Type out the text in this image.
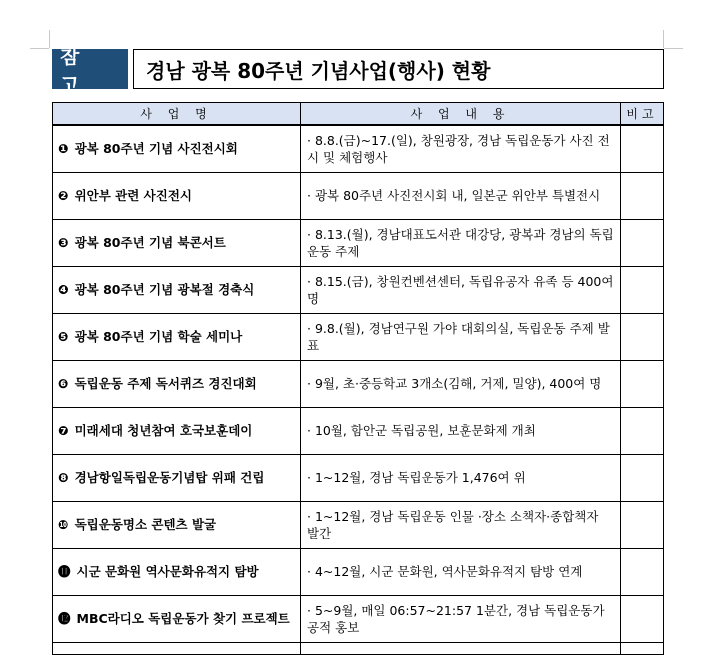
참 고
경남 광복 80주년 기념사업(행사) 현황
사 업 명	사 업 내 용	비고
❶ 광복 80주년 기념 사진전시회	· 8.8.(금)~17.(일), 창원광장, 경남 독립운동가 사진 전시 및 체험행사	
❷ 위안부 관련 사진전시	· 광복 80주년 사진전시회 내, 일본군 위안부 특별전시	
❸ 광복 80주년 기념 북콘서트	· 8.13.(월), 경남대표도서관 대강당, 광복과 경남의 독립운동 주제	
❹ 광복 80주년 기념 광복절 경축식	· 8.15.(금), 창원컨벤션센터, 독립유공자 유족 등 400여 명	
❺ 광복 80주년 기념 학술 세미나	· 9.8.(월), 경남연구원 가야 대회의실, 독립운동 주제 발표	
❻ 독립운동 주제 독서퀴즈 경진대회	· 9월, 초·중등학교 3개소(김해, 거제, 밀양), 400여 명	
❼ 미래세대 청년참여 호국보훈데이	· 10월, 함안군 독립공원, 보훈문화제 개최	
❽ 경남항일독립운동기념탑 위패 건립	· 1~12월, 경남 독립운동가 1,476여 위	
❿ 독립운동명소 콘텐츠 발굴	· 1~12월, 경남 독립운동 인물 ·장소 소책자·종합책자 발간	
⓫ 시군 문화원 역사문화유적지 탐방	· 4~12월, 시군 문화원, 역사문화유적지 탐방 연계	
⓬ MBC라디오 독립운동가 찾기 프로젝트	· 5~9월, 매일 06:57~21:57 1분간, 경남 독립운동가 공적 홍보	
